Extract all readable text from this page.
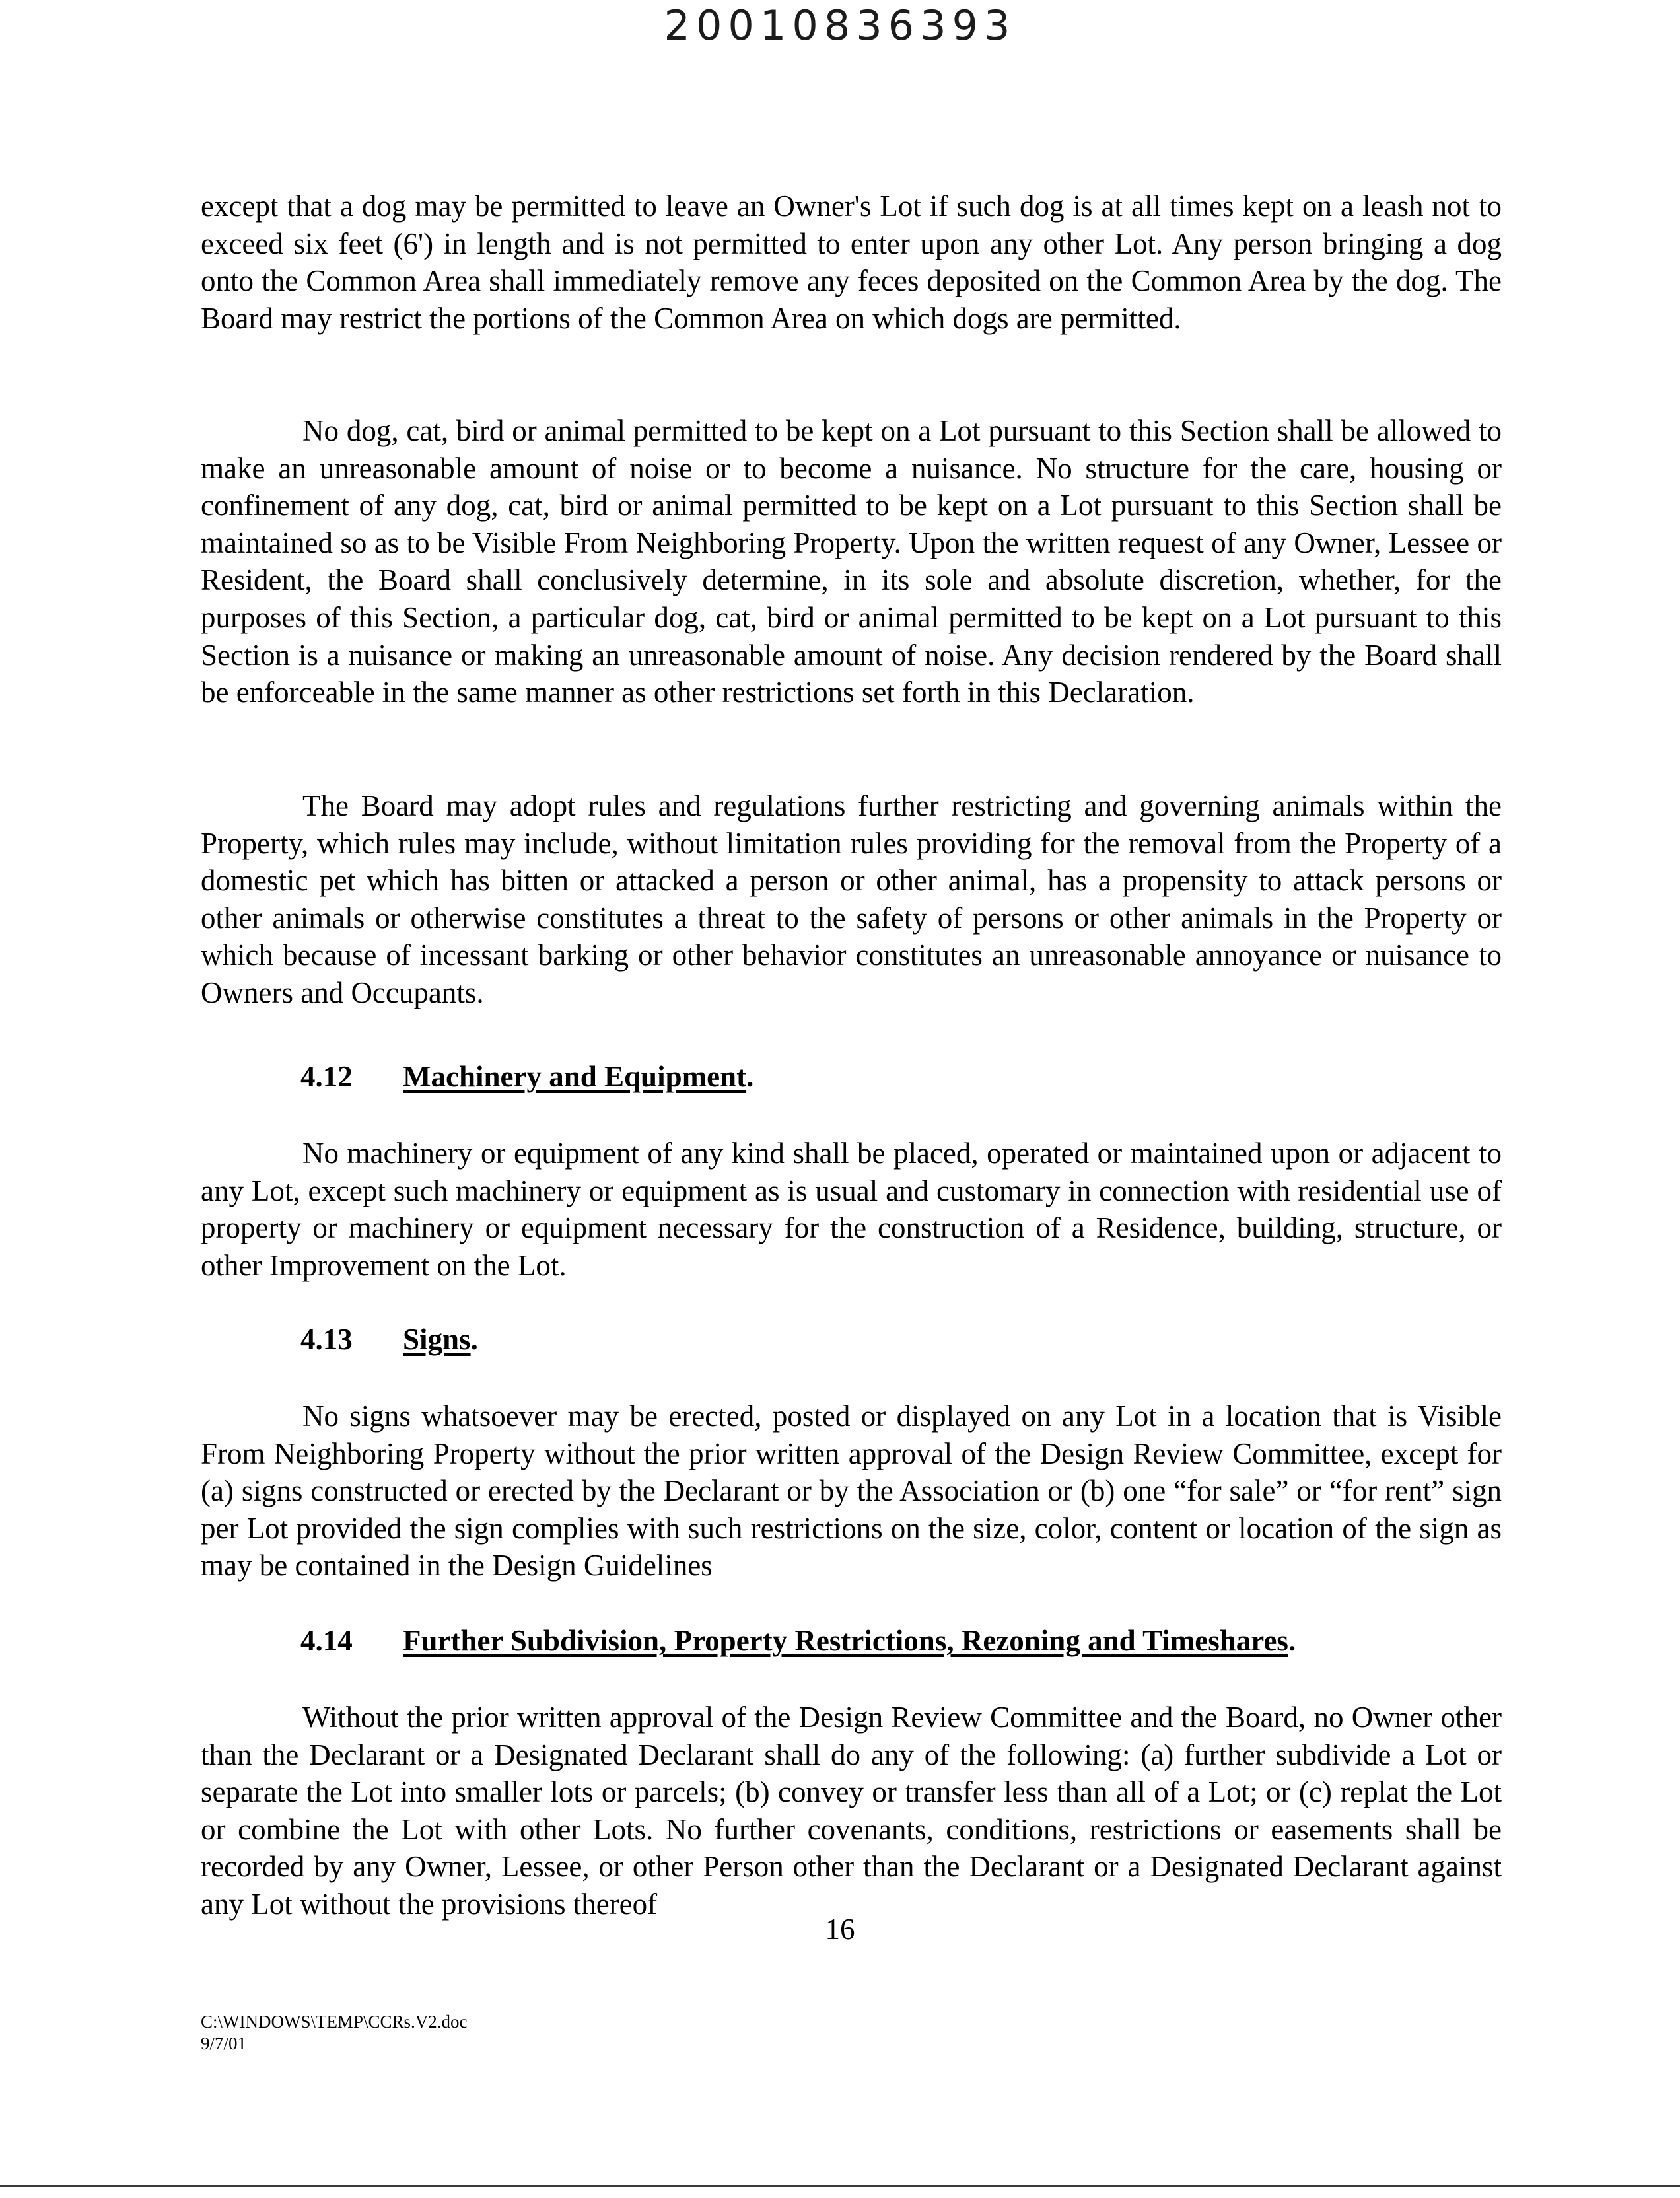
20010836393

except that a dog may be permitted to leave an Owner's Lot if such dog is at all times kept on a leash not to exceed six feet (6') in length and is not permitted to enter upon any other Lot. Any person bringing a dog onto the Common Area shall immediately remove any feces deposited on the Common Area by the dog. The Board may restrict the portions of the Common Area on which dogs are permitted.

No dog, cat, bird or animal permitted to be kept on a Lot pursuant to this Section shall be allowed to make an unreasonable amount of noise or to become a nuisance. No structure for the care, housing or confinement of any dog, cat, bird or animal permitted to be kept on a Lot pursuant to this Section shall be maintained so as to be Visible From Neighboring Property. Upon the written request of any Owner, Lessee or Resident, the Board shall conclusively determine, in its sole and absolute discretion, whether, for the purposes of this Section, a particular dog, cat, bird or animal permitted to be kept on a Lot pursuant to this Section is a nuisance or making an unreasonable amount of noise. Any decision rendered by the Board shall be enforceable in the same manner as other restrictions set forth in this Declaration.

The Board may adopt rules and regulations further restricting and governing animals within the Property, which rules may include, without limitation rules providing for the removal from the Property of a domestic pet which has bitten or attacked a person or other animal, has a propensity to attack persons or other animals or otherwise constitutes a threat to the safety of persons or other animals in the Property or which because of incessant barking or other behavior constitutes an unreasonable annoyance or nuisance to Owners and Occupants.

4.12 Machinery and Equipment.

No machinery or equipment of any kind shall be placed, operated or maintained upon or adjacent to any Lot, except such machinery or equipment as is usual and customary in connection with residential use of property or machinery or equipment necessary for the construction of a Residence, building, structure, or other Improvement on the Lot.

4.13 Signs.

No signs whatsoever may be erected, posted or displayed on any Lot in a location that is Visible From Neighboring Property without the prior written approval of the Design Review Committee, except for (a) signs constructed or erected by the Declarant or by the Association or (b) one “for sale” or “for rent” sign per Lot provided the sign complies with such restrictions on the size, color, content or location of the sign as may be contained in the Design Guidelines

4.14 Further Subdivision, Property Restrictions, Rezoning and Timeshares.

Without the prior written approval of the Design Review Committee and the Board, no Owner other than the Declarant or a Designated Declarant shall do any of the following: (a) further subdivide a Lot or separate the Lot into smaller lots or parcels; (b) convey or transfer less than all of a Lot; or (c) replat the Lot or combine the Lot with other Lots. No further covenants, conditions, restrictions or easements shall be recorded by any Owner, Lessee, or other Person other than the Declarant or a Designated Declarant against any Lot without the provisions thereof

16
C:\WINDOWS\TEMP\CCRs.V2.doc
9/7/01
